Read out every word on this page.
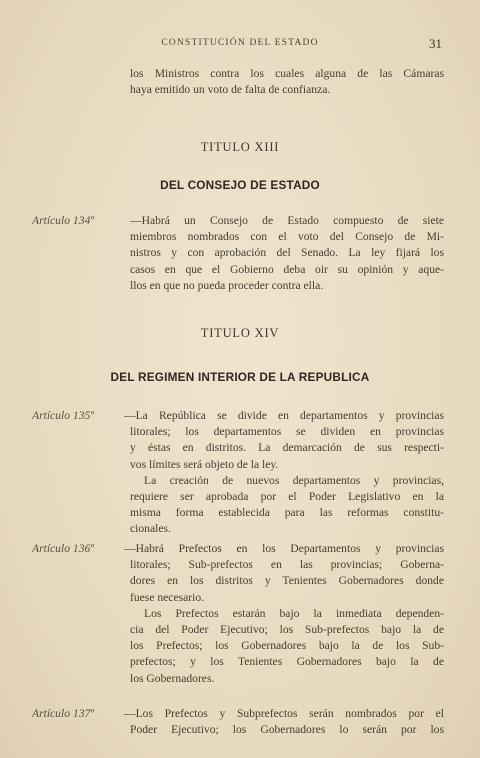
CONSTITUCIÓN DEL ESTADO	31
los Ministros contra los cuales alguna de las Cámaras
haya emitido un voto de falta de confianza.
TITULO XIII
DEL CONSEJO DE ESTADO
Artículo 134º	—Habrá un Consejo de Estado compuesto de siete
miembros nombrados con el voto del Consejo de Mi-
nistros y con aprobación del Senado. La ley fijará los
casos en que el Gobierno deba oir su opinión y aque-
llos en que no pueda proceder contra ella.
TITULO XIV
DEL REGIMEN INTERIOR DE LA REPUBLICA
Artículo 135º	—La República se divide en departamentos y provincias
litorales; los departamentos se dividen en provincias
y éstas en distritos. La demarcación de sus respecti-
vos límites será objeto de la ley.
La creación de nuevos departamentos y provincias,
requiere ser aprobada por el Poder Legislativo en la
misma forma establecida para las reformas constitu-
cionales.
Artículo 136º	—Habrá Prefectos en los Departamentos y provincias
litorales; Sub-prefectos en las provincias; Goberna-
dores en los distritos y Tenientes Gobernadores donde
fuese necesario.
Los Prefectos estarán bajo la inmediata dependen-
cia del Poder Ejecutivo; los Sub-prefectos bajo la de
los Prefectos; los Gobernadores bajo la de los Sub-
prefectos; y los Tenientes Gobernadores bajo la de
los Gobernadores.
Artículo 137º	—Los Prefectos y Subprefectos serán nombrados por el
Poder Ejecutivo; los Gobernadores lo serán por los
